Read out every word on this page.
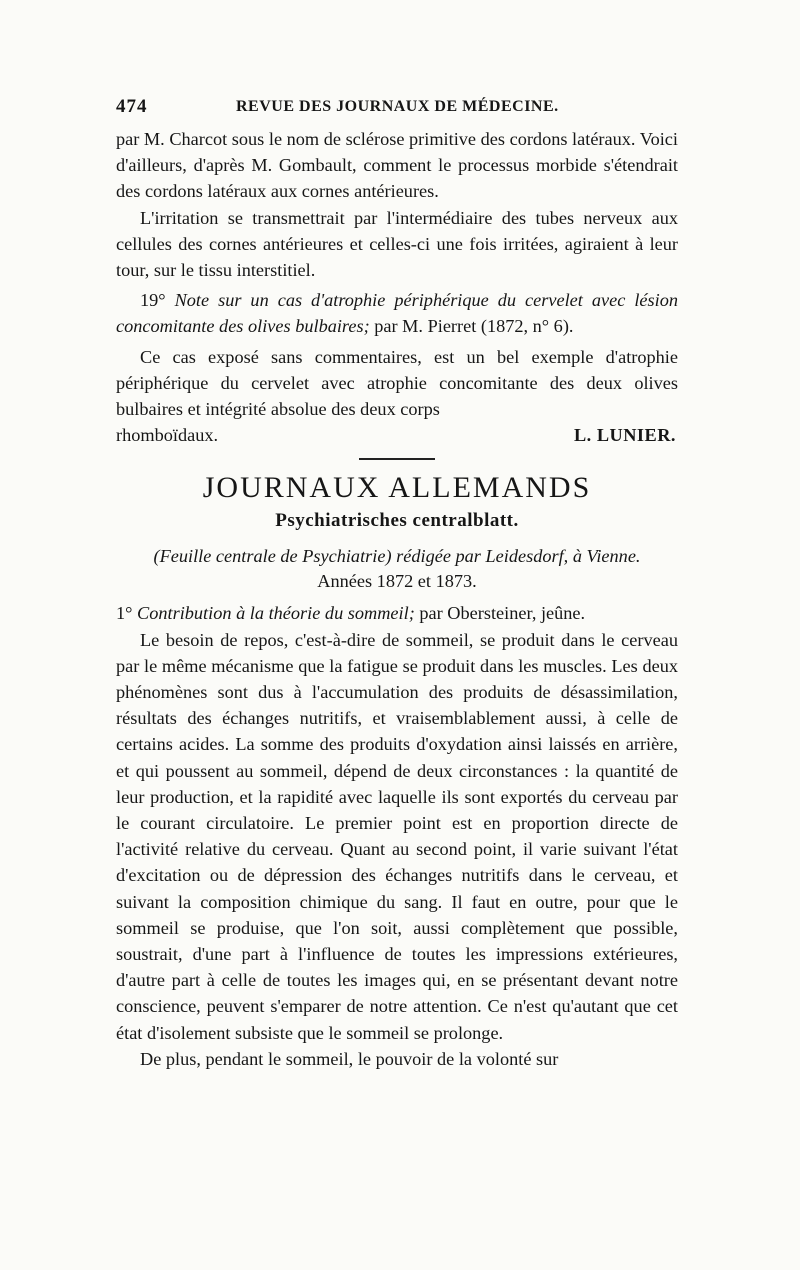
474	REVUE DES JOURNAUX DE MÉDECINE.

par M. Charcot sous le nom de sclérose primitive des cordons latéraux. Voici d'ailleurs, d'après M. Gombault, comment le processus morbide s'étendrait des cordons latéraux aux cornes antérieures.

L'irritation se transmettrait par l'intermédiaire des tubes nerveux aux cellules des cornes antérieures et celles-ci une fois irritées, agiraient à leur tour, sur le tissu interstitiel.

19° Note sur un cas d'atrophie périphérique du cervelet avec lésion concomitante des olives bulbaires; par M. Pierret (1872, n° 6).

Ce cas exposé sans commentaires, est un bel exemple d'atrophie périphérique du cervelet avec atrophie concomitante des deux olives bulbaires et intégrité absolue des deux corps

rhomboïdaux.	L. LUNIER.
JOURNAUX ALLEMANDS
Psychiatrisches centralblatt.
(Feuille centrale de Psychiatrie) rédigée par Leidesdorf, à Vienne.
Années 1872 et 1873.

1° Contribution à la théorie du sommeil; par Obersteiner, jeûne.

Le besoin de repos, c'est-à-dire de sommeil, se produit dans le cerveau par le même mécanisme que la fatigue se produit dans les muscles. Les deux phénomènes sont dus à l'accumulation des produits de désassimilation, résultats des échanges nutritifs, et vraisemblablement aussi, à celle de certains acides. La somme des produits d'oxydation ainsi laissés en arrière, et qui poussent au sommeil, dépend de deux circonstances : la quantité de leur production, et la rapidité avec laquelle ils sont exportés du cerveau par le courant circulatoire. Le premier point est en proportion directe de l'activité relative du cerveau. Quant au second point, il varie suivant l'état d'excitation ou de dépression des échanges nutritifs dans le cerveau, et suivant la composition chimique du sang. Il faut en outre, pour que le sommeil se produise, que l'on soit, aussi complètement que possible, soustrait, d'une part à l'influence de toutes les impressions extérieures, d'autre part à celle de toutes les images qui, en se présentant devant notre conscience, peuvent s'emparer de notre attention. Ce n'est qu'autant que cet état d'isolement subsiste que le sommeil se prolonge.

De plus, pendant le sommeil, le pouvoir de la volonté sur
